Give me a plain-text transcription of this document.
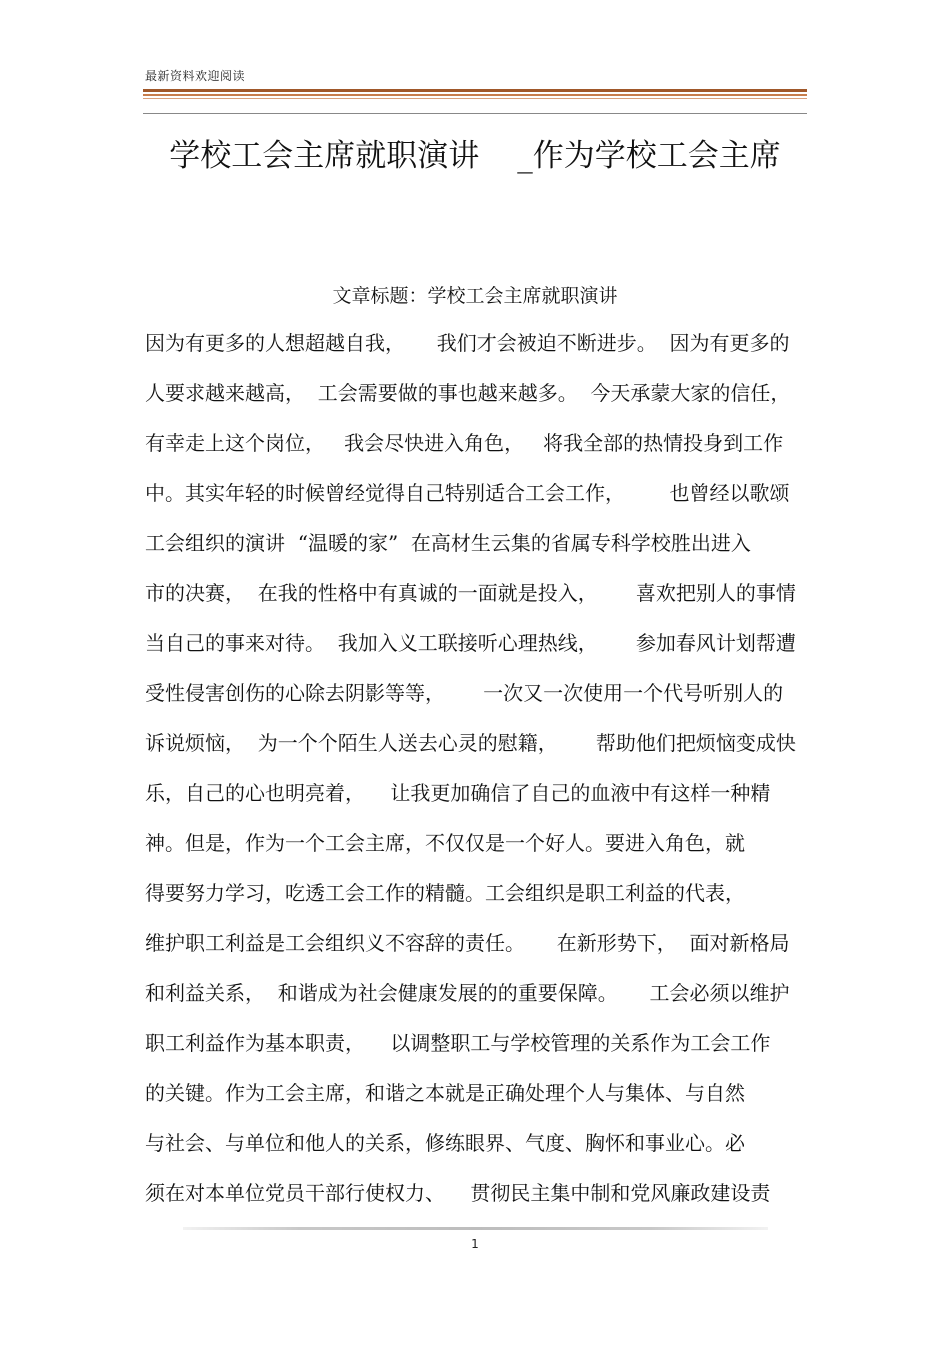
最新资料欢迎阅读
学校工会主席就职演讲 _作为学校工会主席
文章标题：学校工会主席就职演讲
因为有更多的人想超越自我，     我们才会被迫不断进步。  因为有更多的
人要求越来越高，  工会需要做的事也越来越多。  今天承蒙大家的信任，
有幸走上这个岗位，   我会尽快进入角色，   将我全部的热情投身到工作
中。其实年轻的时候曾经觉得自己特别适合工会工作，       也曾经以歌颂
工会组织的演讲  “温暖的家”  在高材生云集的省属专科学校胜出进入
市的决赛，  在我的性格中有真诚的一面就是投入，      喜欢把别人的事情
当自己的事来对待。  我加入义工联接听心理热线，      参加春风计划帮遭
受性侵害创伤的心除去阴影等等，      一次又一次使用一个代号听别人的
诉说烦恼，  为一个个陌生人送去心灵的慰籍，      帮助他们把烦恼变成快
乐，自己的心也明亮着，    让我更加确信了自己的血液中有这样一种精
神。但是，作为一个工会主席，不仅仅是一个好人。要进入角色，就
得要努力学习，吃透工会工作的精髓。工会组织是职工利益的代表，
维护职工利益是工会组织义不容辞的责任。     在新形势下，  面对新格局
和利益关系，  和谐成为社会健康发展的的重要保障。     工会必须以维护
职工利益作为基本职责，    以调整职工与学校管理的关系作为工会工作
的关键。作为工会主席，和谐之本就是正确处理个人与集体、与自然
与社会、与单位和他人的关系，修练眼界、气度、胸怀和事业心。必
须在对本单位党员干部行使权力、    贯彻民主集中制和党风廉政建设责
1
